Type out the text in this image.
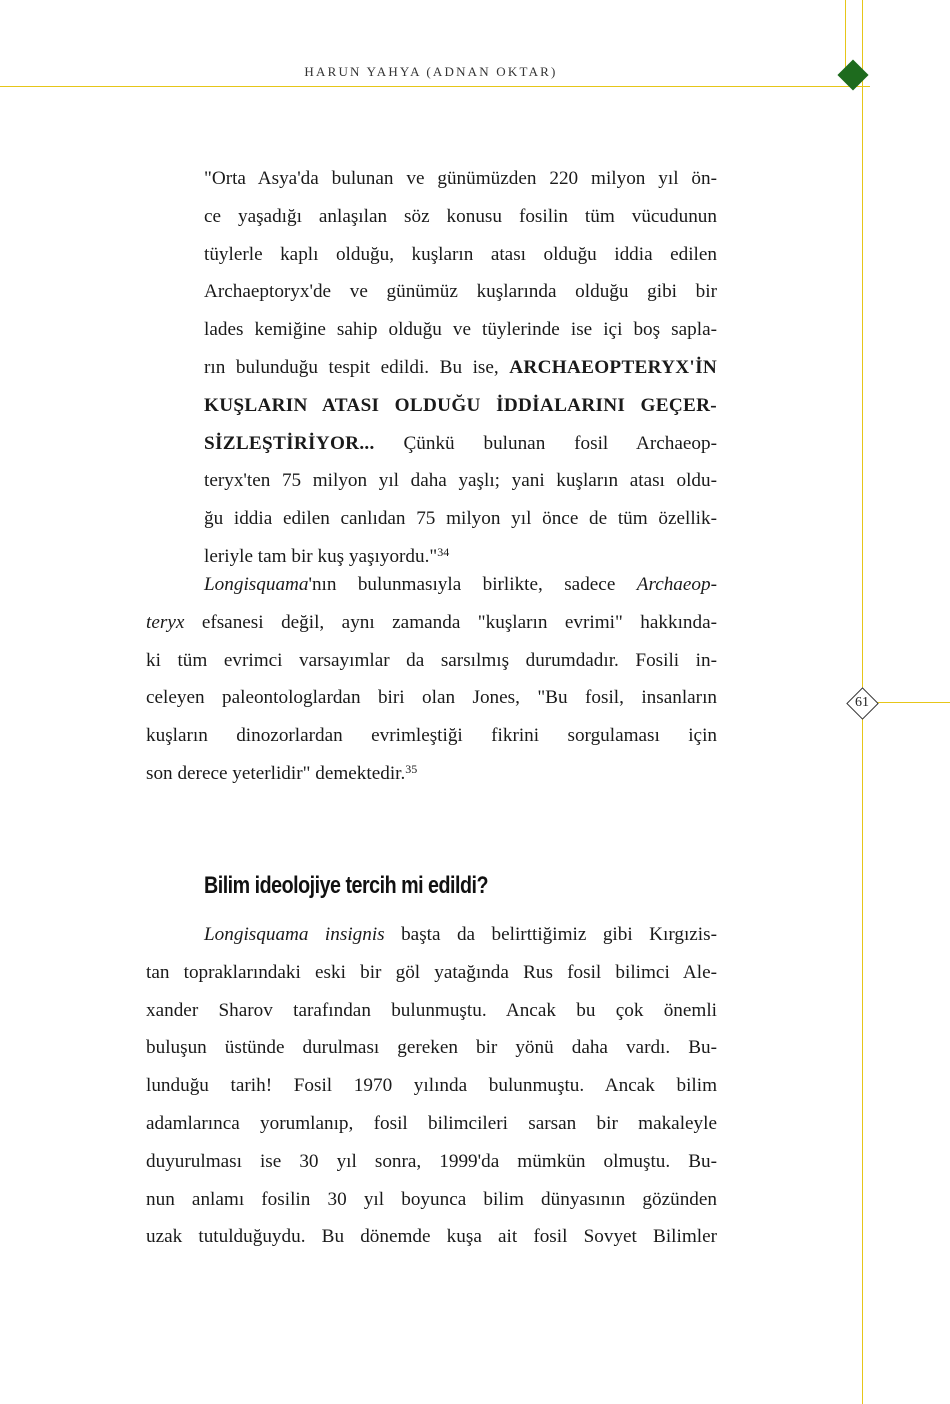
HARUN YAHYA (ADNAN OKTAR)
61
"Orta Asya'da bulunan ve günümüzden 220 milyon yıl ön-
ce yaşadığı anlaşılan söz konusu fosilin tüm vücudunun
tüylerle kaplı olduğu, kuşların atası olduğu iddia edilen
Archaeptoryx'de ve günümüz kuşlarında olduğu gibi bir
lades kemiğine sahip olduğu ve tüylerinde ise içi boş sapla-
rın bulunduğu tespit edildi. Bu ise, ARCHAEOPTERYX'İN
KUŞLARIN ATASI OLDUĞU İDDİALARINI GEÇER-
SİZLEŞTİRİYOR... Çünkü bulunan fosil Archaeop-
teryx'ten 75 milyon yıl daha yaşlı; yani kuşların atası oldu-
ğu iddia edilen canlıdan 75 milyon yıl önce de tüm özellik-
leriyle tam bir kuş yaşıyordu."$^{34}$
Longisquama'nın bulunmasıyla birlikte, sadece Archaeop-
teryx efsanesi değil, aynı zamanda "kuşların evrimi" hakkında-
ki tüm evrimci varsayımlar da sarsılmış durumdadır. Fosili in-
celeyen paleontologlardan biri olan Jones, "Bu fosil, insanların
kuşların dinozorlardan evrimleştiği fikrini sorgulaması için
son derece yeterlidir" demektedir.$^{35}$
Bilim ideolojiye tercih mi edildi?
Longisquama insignis başta da belirttiğimiz gibi Kırgızis-
tan topraklarındaki eski bir göl yatağında Rus fosil bilimci Ale-
xander Sharov tarafından bulunmuştu. Ancak bu çok önemli
buluşun üstünde durulması gereken bir yönü daha vardı. Bu-
lunduğu tarih! Fosil 1970 yılında bulunmuştu. Ancak bilim
adamlarınca yorumlanıp, fosil bilimcileri sarsan bir makaleyle
duyurulması ise 30 yıl sonra, 1999'da mümkün olmuştu. Bu-
nun anlamı fosilin 30 yıl boyunca bilim dünyasının gözünden
uzak tutulduğuydu. Bu dönemde kuşa ait fosil Sovyet Bilimler
